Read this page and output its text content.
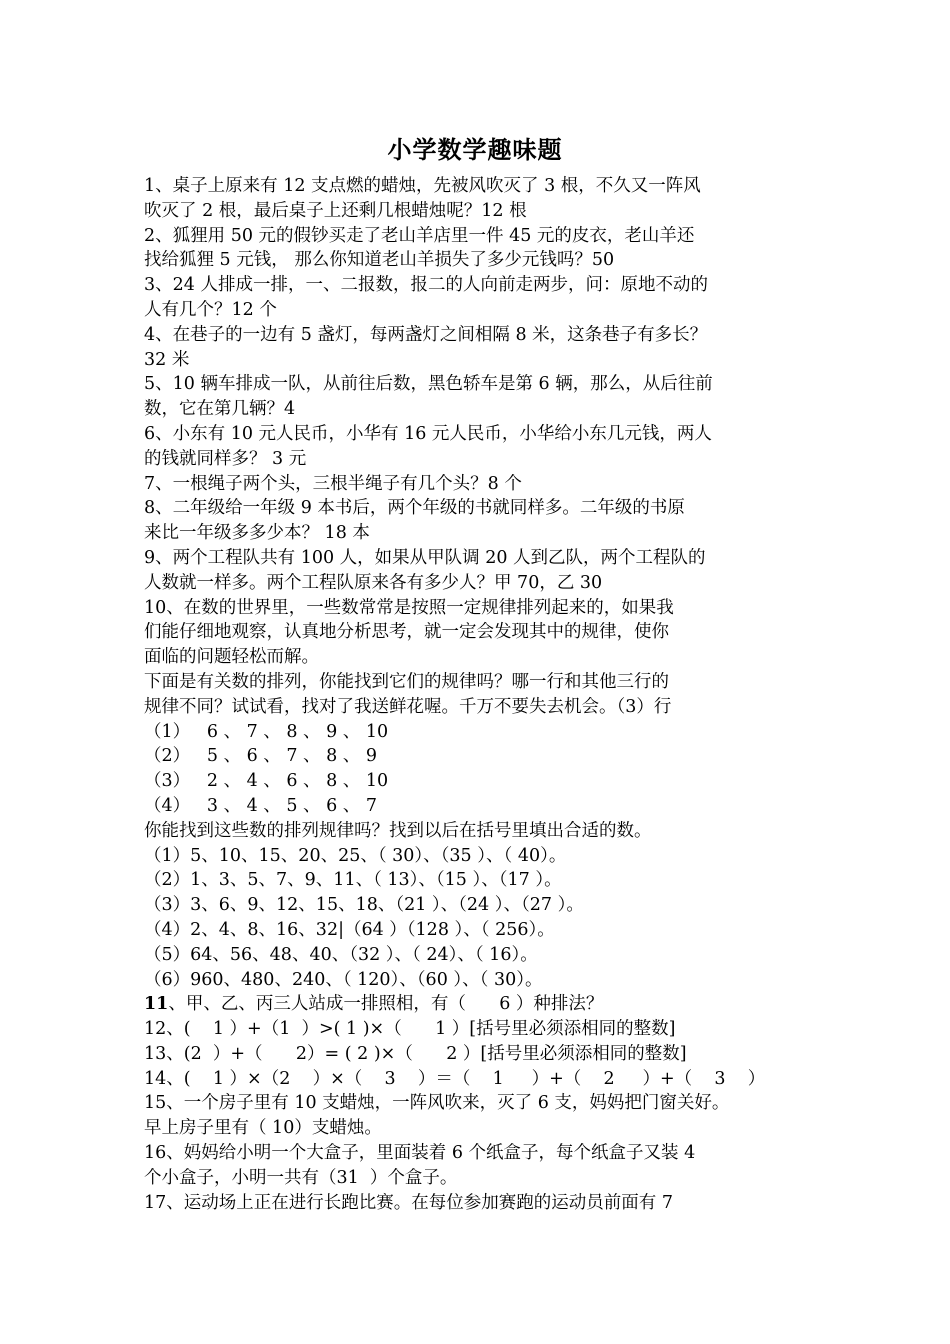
小学数学趣味题
1、桌子上原来有 12 支点燃的蜡烛，先被风吹灭了 3 根，不久又一阵风
吹灭了 2 根，最后桌子上还剩几根蜡烛呢？12 根
2、狐狸用 50 元的假钞买走了老山羊店里一件 45 元的皮衣，老山羊还
找给狐狸 5 元钱， 那么你知道老山羊损失了多少元钱吗？50
3、24 人排成一排，一、二报数，报二的人向前走两步，问：原地不动的
人有几个？12 个
4、在巷子的一边有 5 盏灯，每两盏灯之间相隔 8 米，这条巷子有多长？
32 米
5、10 辆车排成一队，从前往后数，黑色轿车是第 6 辆，那么，从后往前
数，它在第几辆？4
6、小东有 10 元人民币，小华有 16 元人民币，小华给小东几元钱，两人
的钱就同样多？ 3 元
7、一根绳子两个头，三根半绳子有几个头？8 个
8、二年级给一年级 9 本书后，两个年级的书就同样多。二年级的书原
来比一年级多多少本？ 18 本
9、两个工程队共有 100 人，如果从甲队调 20 人到乙队，两个工程队的
人数就一样多。两个工程队原来各有多少人？甲 70，乙 30
10、在数的世界里，一些数常常是按照一定规律排列起来的，如果我
们能仔细地观察，认真地分析思考，就一定会发现其中的规律，使你
面临的问题轻松而解。
下面是有关数的排列，你能找到它们的规律吗？哪一行和其他三行的
规律不同？试试看，找对了我送鲜花喔。千万不要失去机会。（3）行
（1）   6 、 7 、 8 、 9 、 10
（2）   5 、 6 、 7 、 8 、 9
（3）   2 、 4 、 6 、 8 、 10
（4）   3 、 4 、 5 、 6 、 7
你能找到这些数的排列规律吗？找到以后在括号里填出合适的数。
（1）5、10、15、20、25、（ 30）、（35 ）、（ 40）。
（2）1、3、5、7、9、11、（ 13）、（15 ）、（17 ）。
（3）3、6、9、12、15、18、（21 ）、（24 ）、（27 ）。
（4）2、4、8、16、32|（64 ）（128 ）、（ 256）。
（5）64、56、48、40、（32 ）、（ 24）、（ 16）。
（6）960、480、240、（ 120）、（60 ）、（ 30）。
11、甲、乙、丙三人站成一排照相，有（      6 ）种排法？
12、(    1 ）+（1  ）>( 1 )×（      1 ）[括号里必须添相同的整数]
13、(2  ）+（      2）= ( 2 )×（      2 ）[括号里必须添相同的整数]
14、(    1 ）×（2    ）×（    3    ）＝（    1     ）+（    2     ）+（    3    ）
15、一个房子里有 10 支蜡烛，一阵风吹来，灭了 6 支，妈妈把门窗关好。
早上房子里有（ 10）支蜡烛。
16、妈妈给小明一个大盒子，里面装着 6 个纸盒子，每个纸盒子又装 4
个小盒子，小明一共有（31  ）个盒子。
17、运动场上正在进行长跑比赛。在每位参加赛跑的运动员前面有 7
